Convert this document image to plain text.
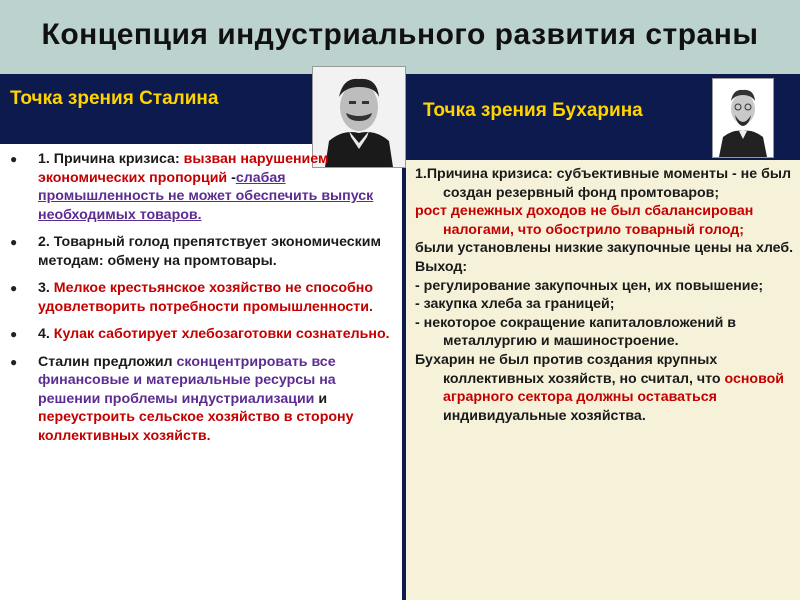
Концепция индустриального развития страны
Точка зрения Сталина
Точка зрения Бухарина
● 1. Причина кризиса: вызван нарушением экономических пропорций -слабая промышленность не может обеспечить выпуск необходимых товаров.
● 2. Товарный голод препятствует экономическим методам: обмену на промтовары.
● 3. Мелкое крестьянское хозяйство не способно удовлетворить потребности промышленности.
● 4. Кулак саботирует хлебозаготовки сознательно.
● Сталин предложил сконцентрировать все финансовые и материальные ресурсы на решении проблемы индустриализации и переустроить сельское хозяйство в сторону коллективных хозяйств.
1.Причина кризиса: субъективные моменты - не был создан резервный фонд промтоваров;
рост денежных доходов не был сбалансирован налогами, что обострило товарный голод;
были установлены низкие закупочные цены на хлеб.
Выход:
- регулирование закупочных цен, их повышение;
- закупка хлеба за границей;
- некоторое сокращение капиталовложений в металлургию и машиностроение.
Бухарин не был против создания крупных коллективных хозяйств, но считал, что основой аграрного сектора должны оставаться индивидуальные хозяйства.
